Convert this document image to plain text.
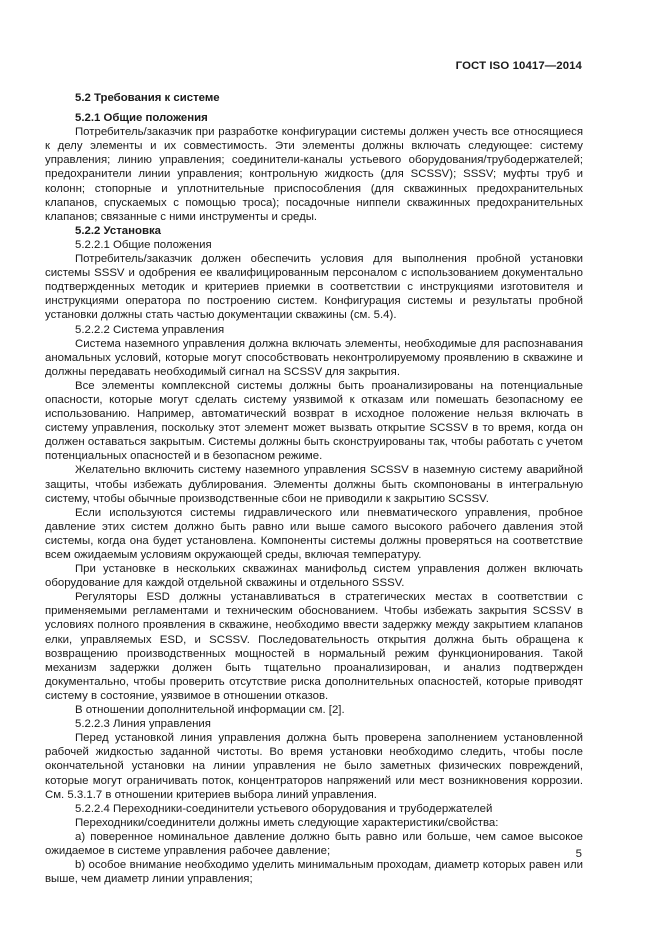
ГОСТ ISO 10417—2014

5.2 Требования к системе

5.2.1 Общие положения

Потребитель/заказчик при разработке конфигурации системы должен учесть все относящиеся к делу элементы и их совместимость. Эти элементы должны включать следующее: систему управления; линию управления; соединители-каналы устьевого оборудования/трубодержателей; предохранители линии управления; контрольную жидкость (для SCSSV); SSSV; муфты труб и колонн; стопорные и уплотнительные приспособления (для скважинных предохранительных клапанов, спускаемых с помощью троса); посадочные ниппели скважинных предохранительных клапанов; связанные с ними инструменты и среды.

5.2.2 Установка

5.2.2.1 Общие положения

Потребитель/заказчик должен обеспечить условия для выполнения пробной установки системы SSSV и одобрения ее квалифицированным персоналом с использованием документально подтвержденных методик и критериев приемки в соответствии с инструкциями изготовителя и инструкциями оператора по построению систем. Конфигурация системы и результаты пробной установки должны стать частью документации скважины (см. 5.4).

5.2.2.2 Система управления

Система наземного управления должна включать элементы, необходимые для распознавания аномальных условий, которые могут способствовать неконтролируемому проявлению в скважине и должны передавать необходимый сигнал на SCSSV для закрытия.

Все элементы комплексной системы должны быть проанализированы на потенциальные опасности, которые могут сделать систему уязвимой к отказам или помешать безопасному ее использованию. Например, автоматический возврат в исходное положение нельзя включать в систему управления, поскольку этот элемент может вызвать открытие SCSSV в то время, когда он должен оставаться закрытым. Системы должны быть сконструированы так, чтобы работать с учетом потенциальных опасностей и в безопасном режиме.

Желательно включить систему наземного управления SCSSV в наземную систему аварийной защиты, чтобы избежать дублирования. Элементы должны быть скомпонованы в интегральную систему, чтобы обычные производственные сбои не приводили к закрытию SCSSV.

Если используются системы гидравлического или пневматического управления, пробное давление этих систем должно быть равно или выше самого высокого рабочего давления этой системы, когда она будет установлена. Компоненты системы должны проверяться на соответствие всем ожидаемым условиям окружающей среды, включая температуру.

При установке в нескольких скважинах манифольд систем управления должен включать оборудование для каждой отдельной скважины и отдельного SSSV.

Регуляторы ESD должны устанавливаться в стратегических местах в соответствии с применяемыми регламентами и техническим обоснованием. Чтобы избежать закрытия SCSSV в условиях полного проявления в скважине, необходимо ввести задержку между закрытием клапанов елки, управляемых ESD, и SCSSV. Последовательность открытия должна быть обращена к возвращению производственных мощностей в нормальный режим функционирования. Такой механизм задержки должен быть тщательно проанализирован, и анализ подтвержден документально, чтобы проверить отсутствие риска дополнительных опасностей, которые приводят систему в состояние, уязвимое в отношении отказов.

В отношении дополнительной информации см. [2].

5.2.2.3 Линия управления

Перед установкой линия управления должна быть проверена заполнением установленной рабочей жидкостью заданной чистоты. Во время установки необходимо следить, чтобы после окончательной установки на линии управления не было заметных физических повреждений, которые могут ограничивать поток, концентраторов напряжений или мест возникновения коррозии. См. 5.3.1.7 в отношении критериев выбора линий управления.

5.2.2.4 Переходники-соединители устьевого оборудования и трубодержателей

Переходники/соединители должны иметь следующие характеристики/свойства:

а) поверенное номинальное давление должно быть равно или больше, чем самое высокое ожидаемое в системе управления рабочее давление;

b) особое внимание необходимо уделить минимальным проходам, диаметр которых равен или выше, чем диаметр линии управления;

5
